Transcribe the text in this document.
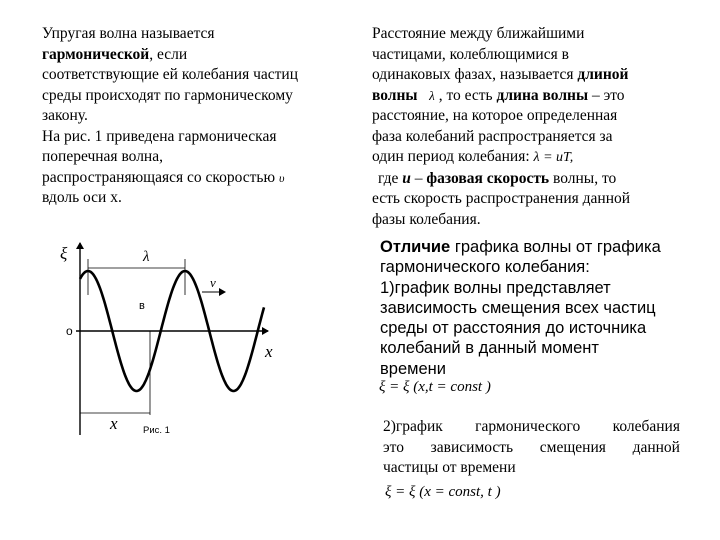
Упругая волна называется
гармонической, если
соответствующие ей колебания частиц
среды происходят по гармоническому
закону.
На рис. 1 приведена гармоническая
поперечная волна,
распространяющаяся со скоростью υ
вдоль оси x.
Расстояние между ближайшими
частицами, колеблющимися в
одинаковых фазах, называется длиной
волны λ , то есть длина волны – это
расстояние, на которое определенная
фаза колебаний распространяется за
один период колебания: λ = uT,
где u – фазовая скорость волны, то
есть скорость распространения данной
фазы колебания.
Отличие графика волны от графика
гармонического колебания:
1)график волны представляет
зависимость смещения всех частиц
среды от расстояния до источника
колебаний в данный момент
времени
ξ = ξ (x,t = const )
2)график гармонического колебания
это зависимость смещения данной
частицы от времени
ξ = ξ (x = const, t )
ξ
x
o
λ
v
в
x	Рис. 1
